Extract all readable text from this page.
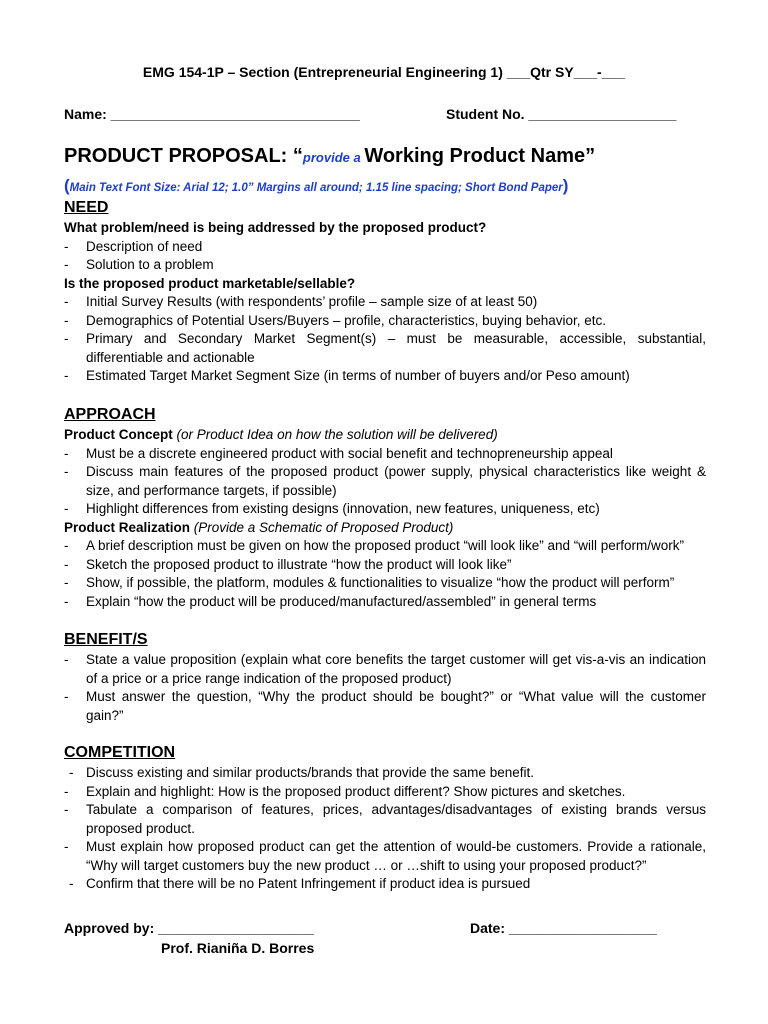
EMG 154-1P – Section (Entrepreneurial Engineering 1) ___Qtr SY___-___
Name: ________________________________	Student No. ___________________
PRODUCT PROPOSAL: “provide a Working Product Name”
(Main Text Font Size: Arial 12; 1.0” Margins all around; 1.15 line spacing; Short Bond Paper)
NEED
What problem/need is being addressed by the proposed product?
- Description of need
- Solution to a problem
Is the proposed product marketable/sellable?
- Initial Survey Results (with respondents’ profile – sample size of at least 50)
- Demographics of Potential Users/Buyers – profile, characteristics, buying behavior, etc.
- Primary and Secondary Market Segment(s) – must be measurable, accessible, substantial, differentiable and actionable
- Estimated Target Market Segment Size (in terms of number of buyers and/or Peso amount)
APPROACH
Product Concept (or Product Idea on how the solution will be delivered)
- Must be a discrete engineered product with social benefit and technopreneurship appeal
- Discuss main features of the proposed product (power supply, physical characteristics like weight & size, and performance targets, if possible)
- Highlight differences from existing designs (innovation, new features, uniqueness, etc)
Product Realization (Provide a Schematic of Proposed Product)
- A brief description must be given on how the proposed product “will look like” and “will perform/work”
- Sketch the proposed product to illustrate “how the product will look like”
- Show, if possible, the platform, modules & functionalities to visualize “how the product will perform”
- Explain “how the product will be produced/manufactured/assembled” in general terms
BENEFIT/S
- State a value proposition (explain what core benefits the target customer will get vis-a-vis an indication of a price or a price range indication of the proposed product)
- Must answer the question, “Why the product should be bought?” or “What value will the customer gain?”
COMPETITION
- Discuss existing and similar products/brands that provide the same benefit.
- Explain and highlight: How is the proposed product different? Show pictures and sketches.
- Tabulate a comparison of features, prices, advantages/disadvantages of existing brands versus proposed product.
- Must explain how proposed product can get the attention of would-be customers. Provide a rationale, “Why will target customers buy the new product … or …shift to using your proposed product?”
- Confirm that there will be no Patent Infringement if product idea is pursued
Approved by: ____________________	Date: ___________________
Prof. Rianiña D. Borres
